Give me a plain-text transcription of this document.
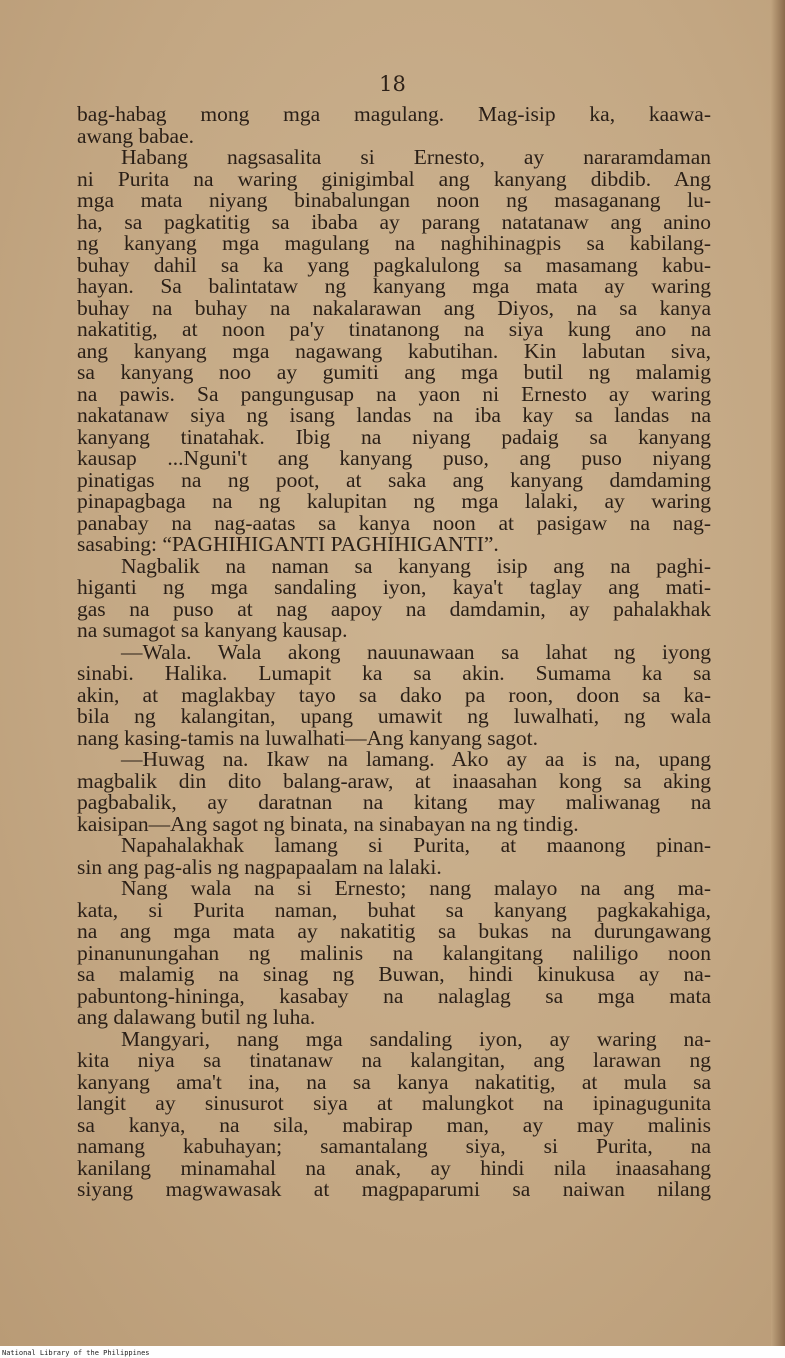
18
bag-habag mong mga magulang. Mag-isip ka, kaawa-
awang babae.
Habang nagsasalita si Ernesto, ay nararamdaman
ni Purita na waring ginigimbal ang kanyang dibdib. Ang
mga mata niyang binabalungan noon ng masaganang lu-
ha, sa pagkatitig sa ibaba ay parang natatanaw ang anino
ng kanyang mga magulang na naghihinagpis sa kabilang-
buhay dahil sa ka yang pagkalulong sa masamang kabu-
hayan. Sa balintataw ng kanyang mga mata ay waring
buhay na buhay na nakalarawan ang Diyos, na sa kanya
nakatitig, at noon pa'y tinatanong na siya kung ano na
ang kanyang mga nagawang kabutihan. Kin labutan siva,
sa kanyang noo ay gumiti ang mga butil ng malamig
na pawis. Sa pangungusap na yaon ni Ernesto ay waring
nakatanaw siya ng isang landas na iba kay sa landas na
kanyang tinatahak. Ibig na niyang padaig sa kanyang
kausap ...Nguni't ang kanyang puso, ang puso niyang
pinatigas na ng poot, at saka ang kanyang damdaming
pinapagbaga na ng kalupitan ng mga lalaki, ay waring
panabay na nag-aatas sa kanya noon at pasigaw na nag-
sasabing: “PAGHIHIGANTI PAGHIHIGANTI”.
Nagbalik na naman sa kanyang isip ang na paghi-
higanti ng mga sandaling iyon, kaya't taglay ang mati-
gas na puso at nag aapoy na damdamin, ay pahalakhak
na sumagot sa kanyang kausap.
—Wala. Wala akong nauunawaan sa lahat ng iyong
sinabi. Halika. Lumapit ka sa akin. Sumama ka sa
akin, at maglakbay tayo sa dako pa roon, doon sa ka-
bila ng kalangitan, upang umawit ng luwalhati, ng wala
nang kasing-tamis na luwalhati—Ang kanyang sagot.
—Huwag na. Ikaw na lamang. Ako ay aa is na, upang
magbalik din dito balang-araw, at inaasahan kong sa aking
pagbabalik, ay daratnan na kitang may maliwanag na
kaisipan—Ang sagot ng binata, na sinabayan na ng tindig.
Napahalakhak lamang si Purita, at maanong pinan-
sin ang pag-alis ng nagpapaalam na lalaki.
Nang wala na si Ernesto; nang malayo na ang ma-
kata, si Purita naman, buhat sa kanyang pagkakahiga,
na ang mga mata ay nakatitig sa bukas na durungawang
pinanunungahan ng malinis na kalangitang naliligo noon
sa malamig na sinag ng Buwan, hindi kinukusa ay na-
pabuntong-hininga, kasabay na nalaglag sa mga mata
ang dalawang butil ng luha.
Mangyari, nang mga sandaling iyon, ay waring na-
kita niya sa tinatanaw na kalangitan, ang larawan ng
kanyang ama't ina, na sa kanya nakatitig, at mula sa
langit ay sinusurot siya at malungkot na ipinagugunita
sa kanya, na sila, mabirap man, ay may malinis
namang kabuhayan; samantalang siya, si Purita, na
kanilang minamahal na anak, ay hindi nila inaasahang
siyang magwawasak at magpaparumi sa naiwan nilang
National Library of the Philippines
